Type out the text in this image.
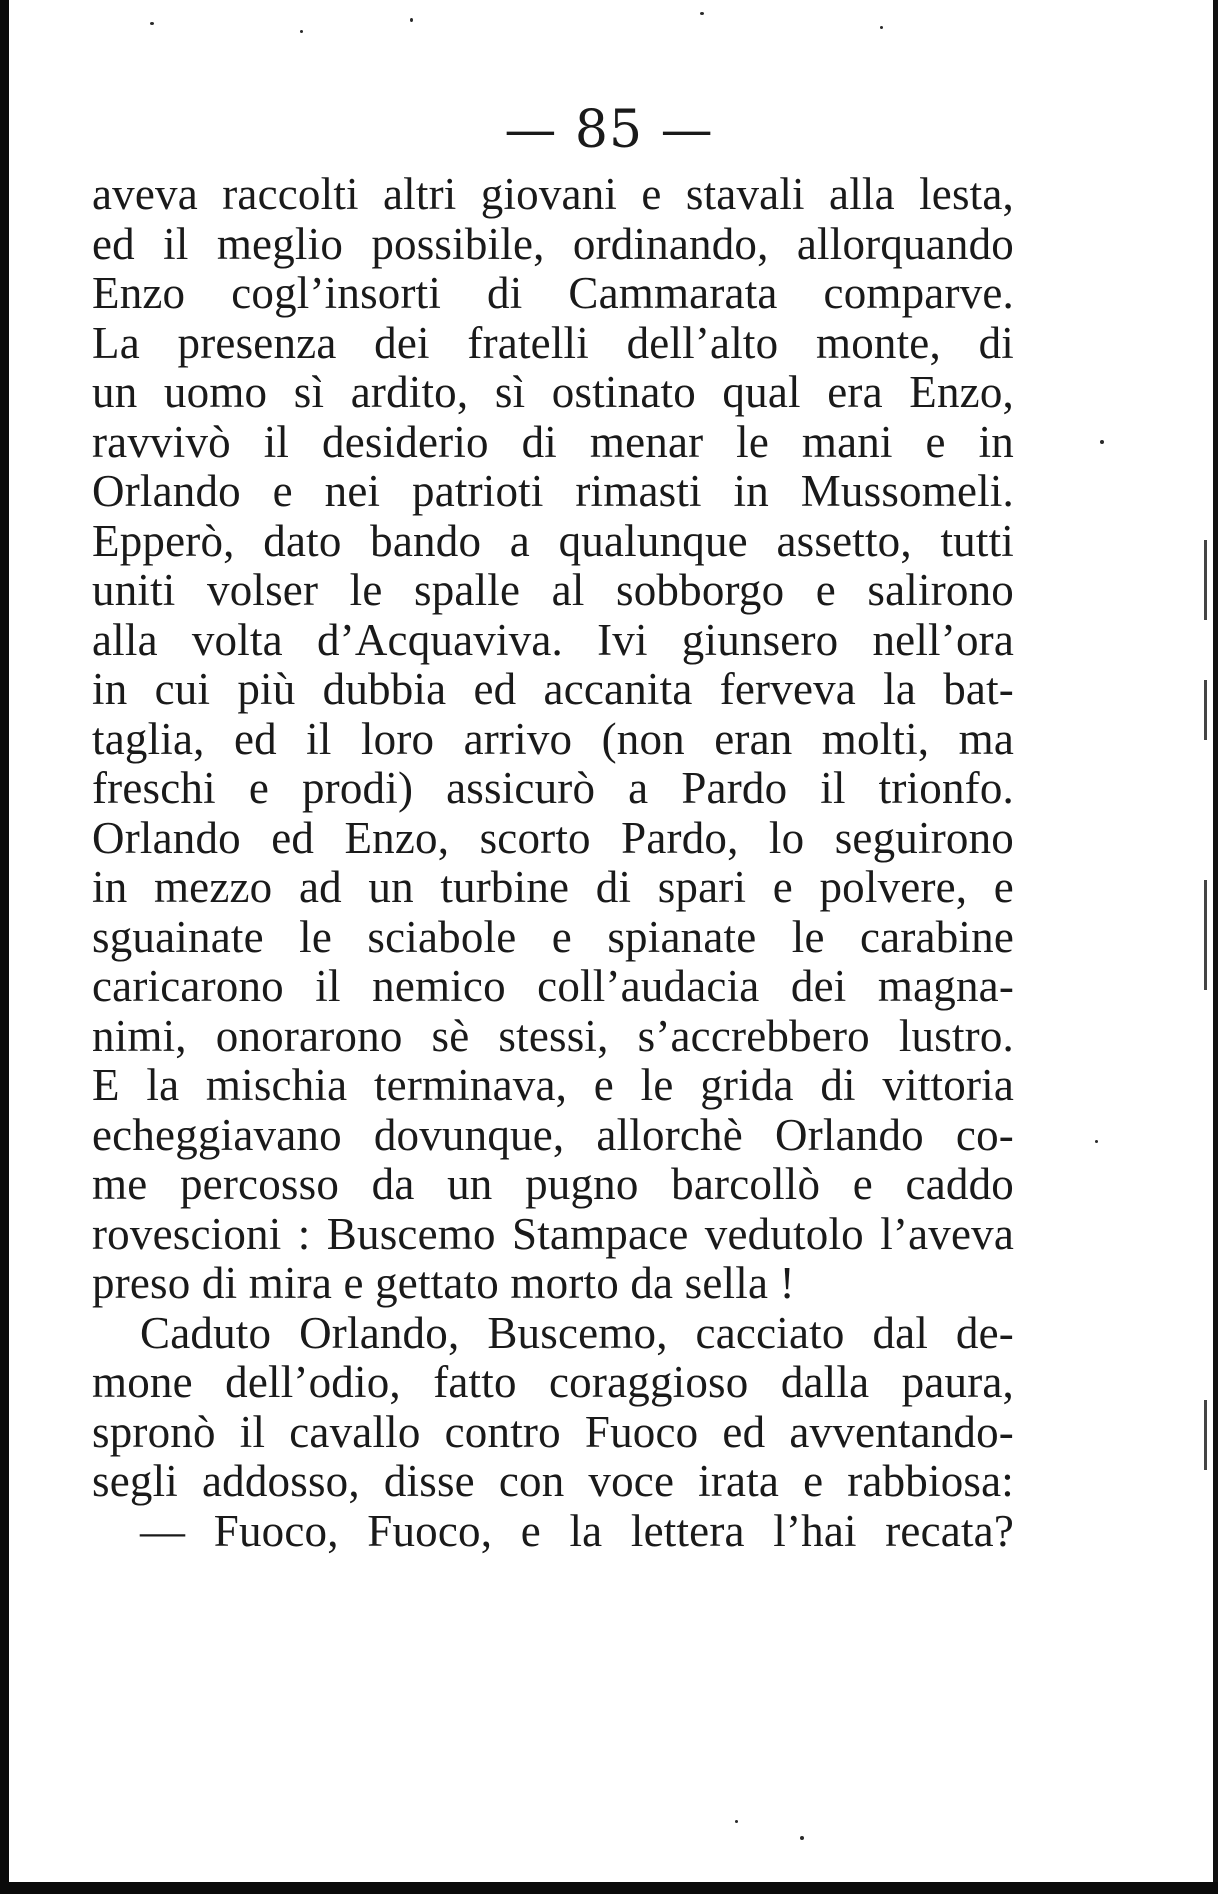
— 85 —
aveva raccolti altri giovani e stavali alla lesta,
ed il meglio possibile, ordinando, allorquando
Enzo cogl’insorti di Cammarata comparve.
La presenza dei fratelli dell’alto monte, di
un uomo sì ardito, sì ostinato qual era Enzo,
ravvivò il desiderio di menar le mani e in
Orlando e nei patrioti rimasti in Mussomeli.
Epperò, dato bando a qualunque assetto, tutti
uniti volser le spalle al sobborgo e salirono
alla volta d’Acquaviva. Ivi giunsero nell’ora
in cui più dubbia ed accanita ferveva la bat-
taglia, ed il loro arrivo (non eran molti, ma
freschi e prodi) assicurò a Pardo il trionfo.
Orlando ed Enzo, scorto Pardo, lo seguirono
in mezzo ad un turbine di spari e polvere, e
sguainate le sciabole e spianate le carabine
caricarono il nemico coll’audacia dei magna-
nimi, onorarono sè stessi, s’accrebbero lustro.
E la mischia terminava, e le grida di vittoria
echeggiavano dovunque, allorchè Orlando co-
me percosso da un pugno barcollò e caddo
rovescioni : Buscemo Stampace vedutolo l’aveva
preso di mira e gettato morto da sella !
Caduto Orlando, Buscemo, cacciato dal de-
mone dell’odio, fatto coraggioso dalla paura,
spronò il cavallo contro Fuoco ed avventando-
segli addosso, disse con voce irata e rabbiosa:
— Fuoco, Fuoco, e la lettera l’hai recata?
